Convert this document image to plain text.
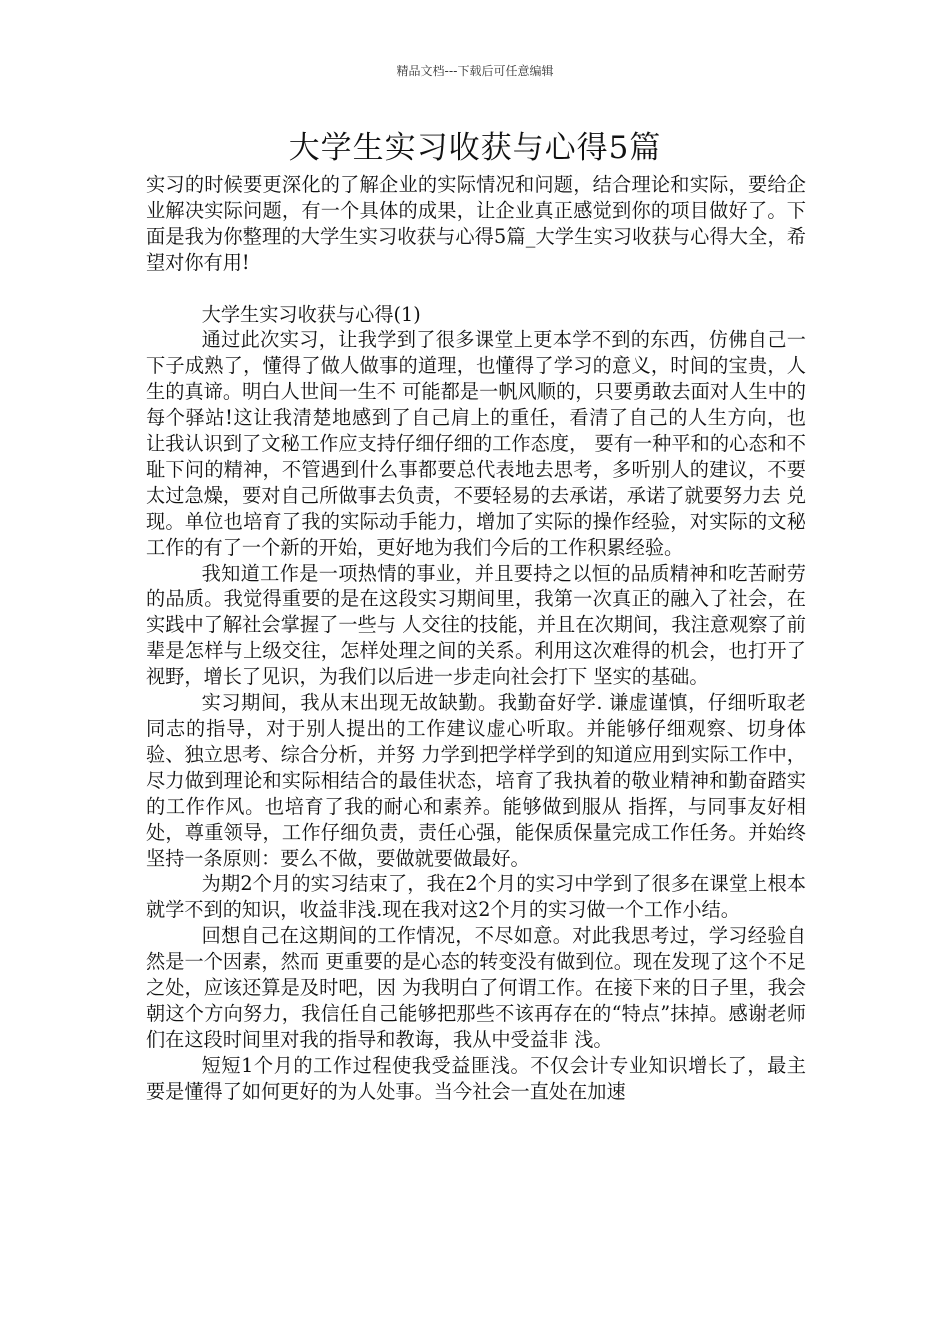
精品文档---下载后可任意编辑
大学生实习收获与心得5篇

实习的时候要更深化的了解企业的实际情况和问题，结合理论和实际，要给企业解决实际问题，有一个具体的成果，让企业真正感觉到你的项目做好了。下面是我为你整理的大学生实习收获与心得5篇_大学生实习收获与心得大全，希望对你有用!

大学生实习收获与心得(1)

通过此次实习，让我学到了很多课堂上更本学不到的东西，仿佛自己一下子成熟了，懂得了做人做事的道理，也懂得了学习的意义，时间的宝贵，人生的真谛。明白人世间一生不 可能都是一帆风顺的，只要勇敢去面对人生中的每个驿站!这让我清楚地感到了自己肩上的重任，看清了自己的人生方向，也让我认识到了文秘工作应支持仔细仔细的工作态度， 要有一种平和的心态和不耻下问的精神，不管遇到什么事都要总代表地去思考，多听别人的建议，不要太过急燥，要对自己所做事去负责，不要轻易的去承诺，承诺了就要努力去 兑现。单位也培育了我的实际动手能力，增加了实际的操作经验，对实际的文秘工作的有了一个新的开始，更好地为我们今后的工作积累经验。

我知道工作是一项热情的事业，并且要持之以恒的品质精神和吃苦耐劳的品质。我觉得重要的是在这段实习期间里，我第一次真正的融入了社会，在实践中了解社会掌握了一些与 人交往的技能，并且在次期间，我注意观察了前辈是怎样与上级交往，怎样处理之间的关系。利用这次难得的机会，也打开了视野，增长了见识，为我们以后进一步走向社会打下 坚实的基础。

实习期间，我从末出现无故缺勤。我勤奋好学. 谦虚谨慎，仔细听取老同志的指导，对于别人提出的工作建议虚心听取。并能够仔细观察、切身体验、独立思考、综合分析，并努 力学到把学样学到的知道应用到实际工作中，尽力做到理论和实际相结合的最佳状态，培育了我执着的敬业精神和勤奋踏实的工作作风。也培育了我的耐心和素养。能够做到服从 指挥，与同事友好相处，尊重领导，工作仔细负责，责任心强，能保质保量完成工作任务。并始终坚持一条原则：要么不做，要做就要做最好。

为期2个月的实习结束了，我在2个月的实习中学到了很多在课堂上根本就学不到的知识，收益非浅.现在我对这2个月的实习做一个工作小结。

回想自己在这期间的工作情况，不尽如意。对此我思考过，学习经验自然是一个因素，然而 更重要的是心态的转变没有做到位。现在发现了这个不足之处，应该还算是及时吧，因 为我明白了何谓工作。在接下来的日子里，我会朝这个方向努力，我信任自己能够把那些不该再存在的“特点”抹掉。感谢老师们在这段时间里对我的指导和教诲，我从中受益非 浅。

短短1个月的工作过程使我受益匪浅。不仅会计专业知识增长了，最主要是懂得了如何更好的为人处事。当今社会一直处在加速
